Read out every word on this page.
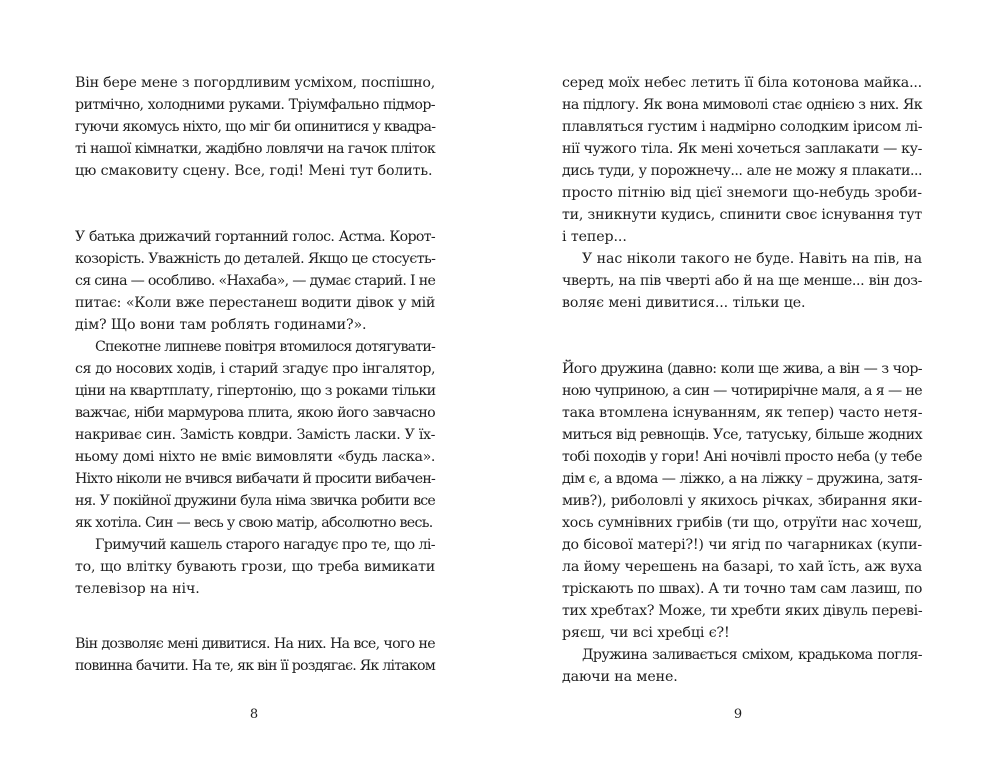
Він бере мене з погордливим усміхом, поспішно,
ритмічно, холодними руками. Тріумфально підмор-
гуючи якомусь ніхто, що міг би опинитися у квадра-
ті нашої кімнатки, жадібно ловлячи на гачок пліток
цю смаковиту сцену. Все, годі! Мені тут болить.
У батька дрижачий гортанний голос. Астма. Корот-
козорість. Уважність до деталей. Якщо це стосуєть-
ся сина — особливо. «Нахаба», — думає старий. І не
питає: «Коли вже перестанеш водити дівок у мій
дім? Що вони там роблять годинами?».
Спекотне липневе повітря втомилося дотягувати-
ся до носових ходів, і старий згадує про інгалятор,
ціни на квартплату, гіпертонію, що з роками тільки
важчає, ніби мармурова плита, якою його завчасно
накриває син. Замість ковдри. Замість ласки. У їх-
ньому домі ніхто не вміє вимовляти «будь ласка».
Ніхто ніколи не вчився вибачати й просити вибачен-
ня. У покійної дружини була німа звичка робити все
як хотіла. Син — весь у свою матір, абсолютно весь.
Гримучий кашель старого нагадує про те, що лі-
то, що влітку бувають грози, що треба вимикати
телевізор на ніч.
Він дозволяє мені дивитися. На них. На все, чого не
повинна бачити. На те, як він її роздягає. Як літаком
8
серед моїх небес летить її біла котонова майка...
на підлогу. Як вона мимоволі стає однією з них. Як
плавляться густим і надмірно солодким ірисом лі-
нії чужого тіла. Як мені хочеться заплакати — ку-
дись туди, у порожнечу... але не можу я плакати...
просто пітнію від цієї знемоги що-небудь зроби-
ти, зникнути кудись, спинити своє існування тут
і тепер...
У нас ніколи такого не буде. Навіть на пів, на
чверть, на пів чверті або й на ще менше... він доз-
воляє мені дивитися... тільки це.
Його дружина (давно: коли ще жива, а він — з чор-
ною чуприною, а син — чотирирічне маля, а я — не
така втомлена існуванням, як тепер) часто нетя-
миться від ревнощів. Усе, татуську, більше жодних
тобі походів у гори! Ані ночівлі просто неба (у тебе
дім є, а вдома — ліжко, а на ліжку – дружина, затя-
мив?), риболовлі у якихось річках, збирання яки-
хось сумнівних грибів (ти що, отруїти нас хочеш,
до бісової матері?!) чи ягід по чагарниках (купи-
ла йому черешень на базарі, то хай їсть, аж вуха
тріскають по швах). А ти точно там сам лазиш, по
тих хребтах? Може, ти хребти яких дівуль переві-
ряєш, чи всі хребці є?!
Дружина заливається сміхом, крадькома погля-
даючи на мене.
9
